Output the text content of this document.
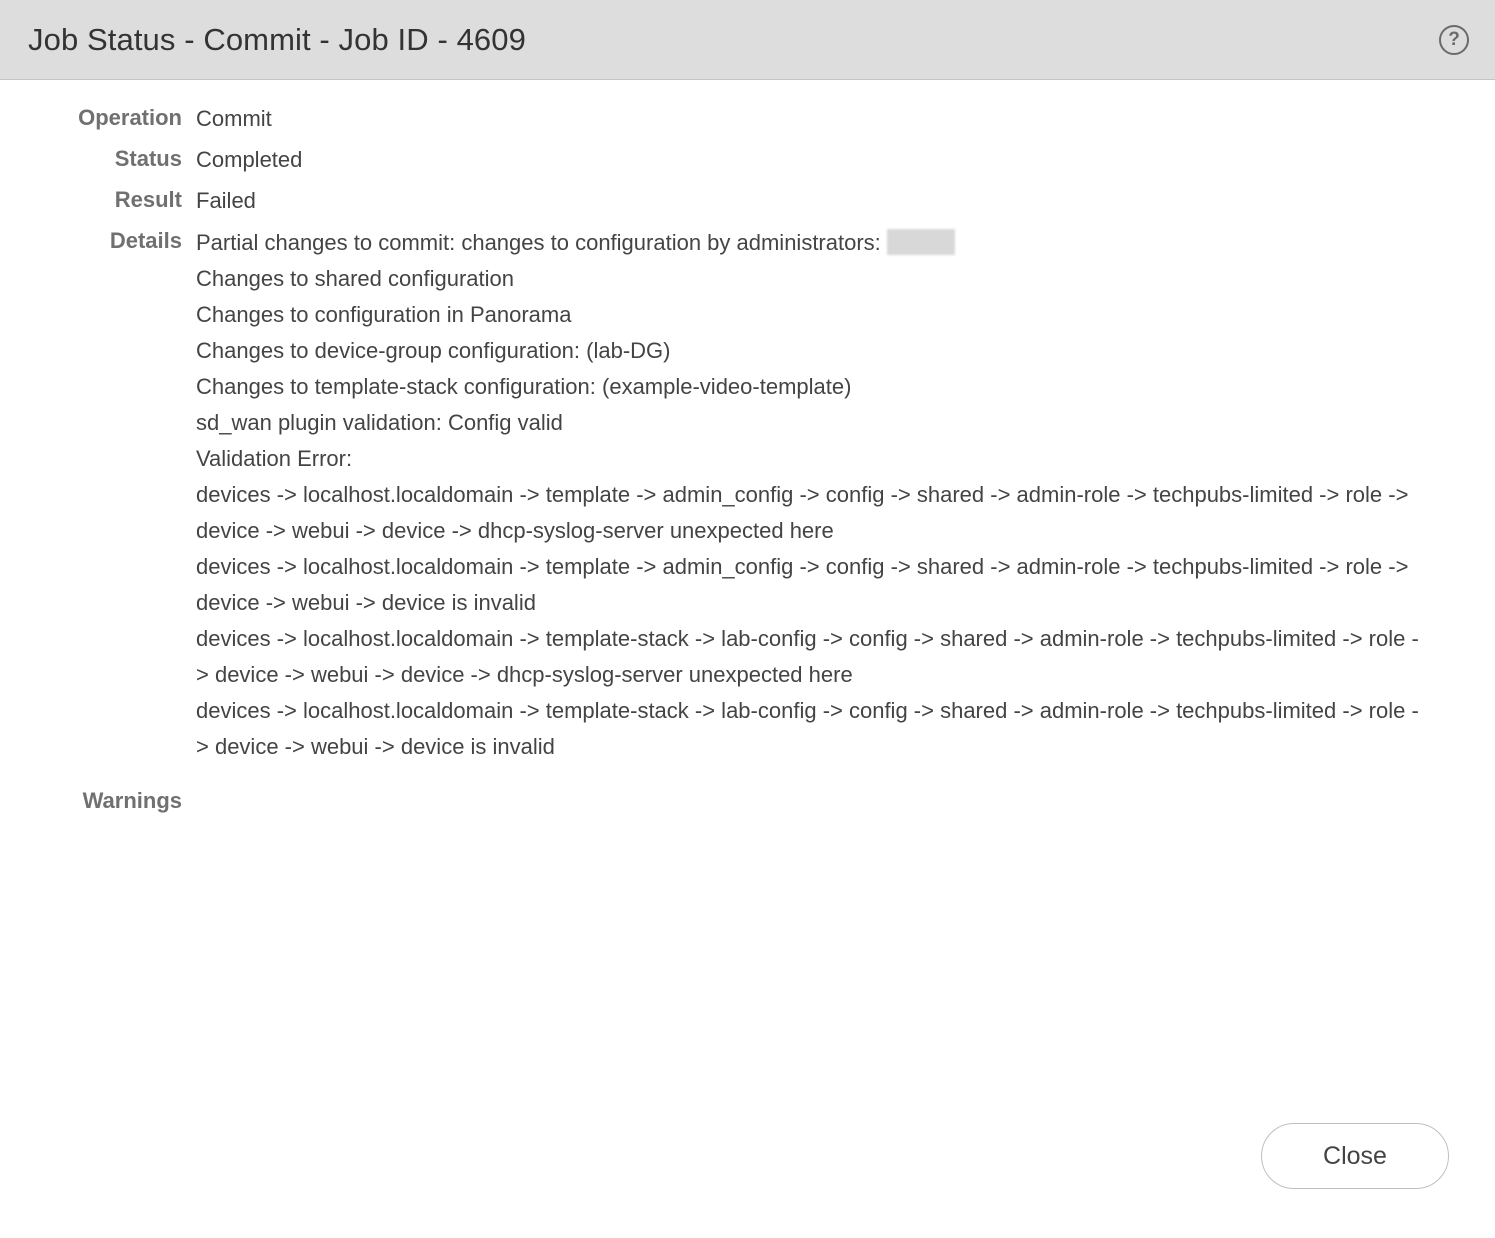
Job Status - Commit - Job ID - 4609	?
Operation Commit
Status Completed
Result Failed
Details Partial changes to commit: changes to configuration by administrators:
Changes to shared configuration
Changes to configuration in Panorama
Changes to device-group configuration: (lab-DG)
Changes to template-stack configuration: (example-video-template)
sd_wan plugin validation: Config valid
Validation Error:
devices -> localhost.localdomain -> template -> admin_config -> config -> shared -> admin-role -> techpubs-limited -> role -> device -> webui -> device -> dhcp-syslog-server unexpected here
devices -> localhost.localdomain -> template -> admin_config -> config -> shared -> admin-role -> techpubs-limited -> role -> device -> webui -> device is invalid
devices -> localhost.localdomain -> template-stack -> lab-config -> config -> shared -> admin-role -> techpubs-limited -> role -> device -> webui -> device -> dhcp-syslog-server unexpected here
devices -> localhost.localdomain -> template-stack -> lab-config -> config -> shared -> admin-role -> techpubs-limited -> role -> device -> webui -> device is invalid
Warnings
Close
